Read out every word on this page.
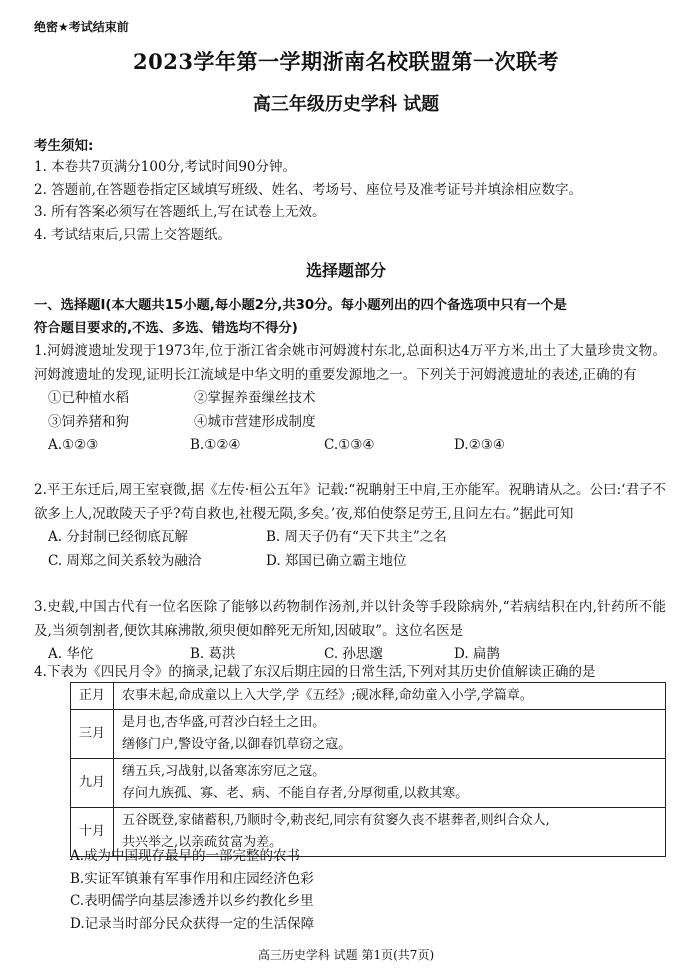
绝密★考试结束前
2023学年第一学期浙南名校联盟第一次联考
高三年级历史学科 试题
考生须知:
1. 本卷共7页满分100分,考试时间90分钟。
2. 答题前,在答题卷指定区域填写班级、姓名、考场号、座位号及准考证号并填涂相应数字。
3. 所有答案必须写在答题纸上,写在试卷上无效。
4. 考试结束后,只需上交答题纸。
选择题部分
一、选择题Ⅰ(本大题共15小题,每小题2分,共30分。每小题列出的四个备选项中只有一个是
符合题目要求的,不选、多选、错选均不得分)
1.河姆渡遗址发现于1973年,位于浙江省余姚市河姆渡村东北,总面积达4万平方米,出土了大量珍贵文物。河姆渡遗址的发现,证明长江流域是中华文明的重要发源地之一。下列关于河姆渡遗址的表述,正确的有
①已种植水稻	②掌握养蚕缫丝技术
③饲养猪和狗	④城市营建形成制度
A.①②③	B.①②④	C.①③④	D.②③④
2.平王东迁后,周王室衰微,据《左传·桓公五年》记载:“祝聃射王中肩,王亦能军。祝聃请从之。公曰:‘君子不欲多上人,况敢陵天子乎?苟自救也,社稷无陨,多矣。’夜,郑伯使祭足劳王,且问左右。”据此可知
A. 分封制已经彻底瓦解	B. 周天子仍有“天下共主”之名
C. 周郑之间关系较为融洽	D. 郑国已确立霸主地位
3.史载,中国古代有一位名医除了能够以药物制作汤剂,并以针灸等手段除病外,“若病结积在内,针药所不能及,当须刳割者,便饮其麻沸散,须臾便如醉死无所知,因破取”。这位名医是
A. 华佗	B. 葛洪	C. 孙思邈	D. 扁鹊
4.下表为《四民月令》的摘录,记载了东汉后期庄园的日常生活,下列对其历史价值解读正确的是
正月	农事未起,命成童以上入大学,学《五经》;砚冰释,命幼童入小学,学篇章。

三月	是月也,杏华盛,可苕沙白轻土之田。
缮修门户,警设守备,以御春饥草窃之寇。

九月	缮五兵,习战射,以备寒冻穷厄之寇。
存问九族孤、寡、老、病、不能自存者,分厚彻重,以救其寒。

十月	五谷既登,家储蓄积,乃顺时令,勅丧纪,同宗有贫窭久丧不堪葬者,则纠合众人,
共兴举之,以亲疏贫富为差。
A.成为中国现存最早的一部完整的农书
B.实证军镇兼有军事作用和庄园经济色彩
C.表明儒学向基层渗透并以乡约教化乡里
D.记录当时部分民众获得一定的生活保障
高三历史学科 试题 第1页(共7页)
